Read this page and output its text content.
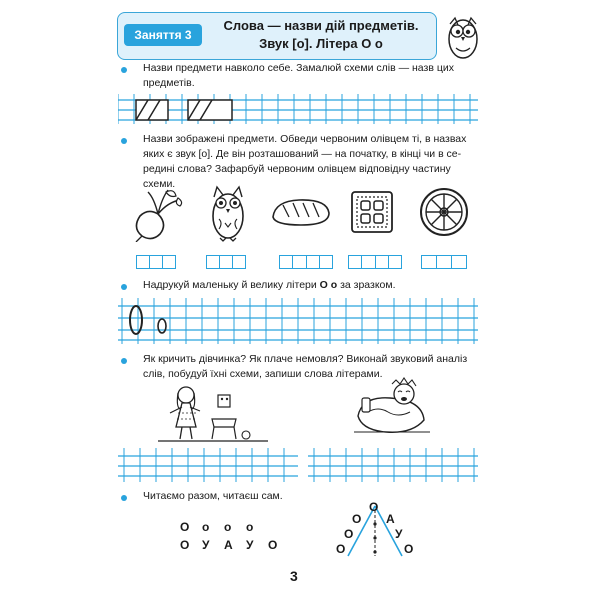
Заняття 3
Слова — назви дій предметів.
Звук [о]. Літера О о
Назви предмети навколо себе. Замалюй схеми слів — назв цих
предметів.
Назви зображені предмети. Обведи червоним олівцем ті, в назвах
яких є звук [о]. Де він розташований — на початку, в кінці чи в се-
редині слова? Зафарбуй червоним олівцем відповідну частину схеми.
Надрукуй маленьку й велику літери О о за зразком.
Як кричить дівчинка? Як плаче немовля? Виконай звуковий аналіз
слів, побудуй їхні схеми, запиши слова літерами.
Читаємо разом, читаєш сам.
О	о	о	о
О	У	А	У	О
О
О
О
О
А
У
О
3
